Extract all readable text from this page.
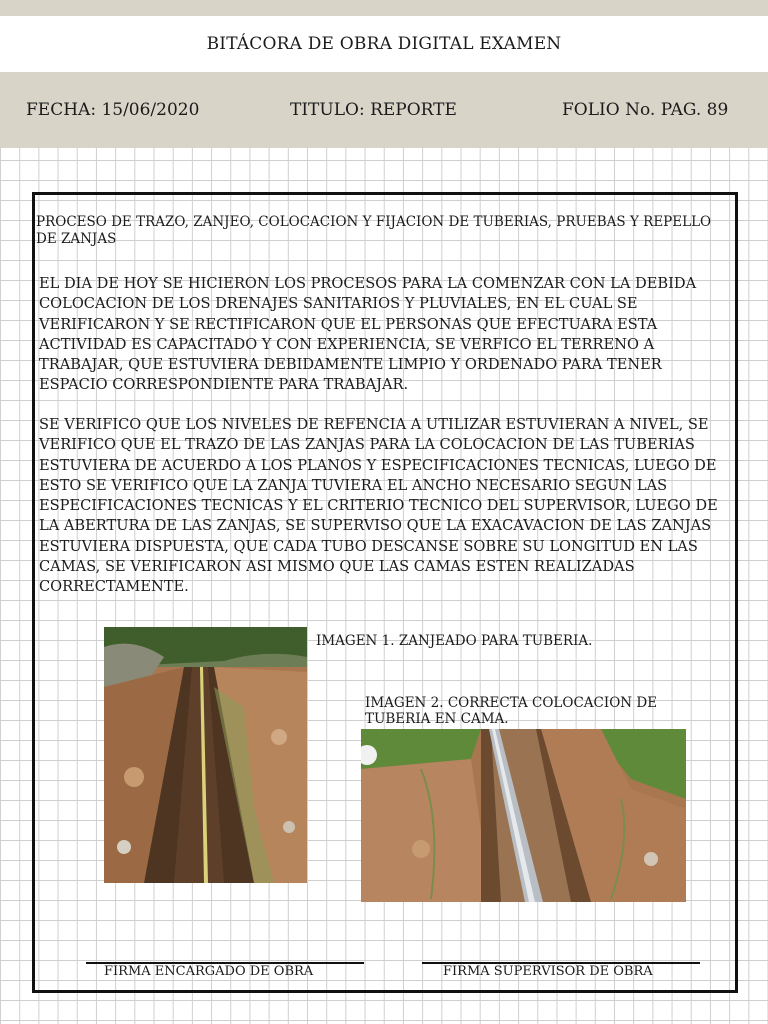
BITÁCORA DE OBRA DIGITAL EXAMEN
FECHA: 15/06/2020	TITULO: REPORTE	FOLIO No. PAG. 89

PROCESO DE TRAZO, ZANJEO, COLOCACION Y FIJACION DE TUBERIAS, PRUEBAS Y REPELLO DE ZANJAS

EL DIA DE HOY SE HICIERON LOS PROCESOS PARA LA COMENZAR CON LA DEBIDA COLOCACION DE LOS DRENAJES SANITARIOS Y PLUVIALES, EN EL CUAL SE VERIFICARON Y SE RECTIFICARON QUE EL PERSONAS QUE EFECTUARA ESTA ACTIVIDAD ES CAPACITADO Y CON EXPERIENCIA, SE VERFICO EL TERRENO A TRABAJAR, QUE ESTUVIERA DEBIDAMENTE LIMPIO Y ORDENADO PARA TENER ESPACIO CORRESPONDIENTE PARA TRABAJAR.

SE VERIFICO QUE LOS NIVELES DE REFENCIA A UTILIZAR ESTUVIERAN A NIVEL, SE VERIFICO QUE EL TRAZO DE LAS ZANJAS PARA LA COLOCACION DE LAS TUBERIAS ESTUVIERA DE ACUERDO A LOS PLANOS Y ESPECIFICACIONES TECNICAS, LUEGO DE ESTO SE VERIFICO QUE LA ZANJA TUVIERA EL ANCHO NECESARIO SEGUN LAS ESPECIFICACIONES TECNICAS Y EL CRITERIO TECNICO DEL SUPERVISOR, LUEGO DE LA ABERTURA DE LAS ZANJAS, SE SUPERVISO QUE LA EXACAVACION DE LAS ZANJAS ESTUVIERA DISPUESTA, QUE CADA TUBO DESCANSE SOBRE SU LONGITUD EN LAS CAMAS, SE VERIFICARON ASI MISMO QUE LAS CAMAS ESTEN REALIZADAS CORRECTAMENTE.

IMAGEN 1. ZANJEADO PARA TUBERIA.
IMAGEN 2. CORRECTA COLOCACION DE TUBERIA EN CAMA.
FIRMA ENCARGADO DE OBRA	FIRMA SUPERVISOR DE OBRA
